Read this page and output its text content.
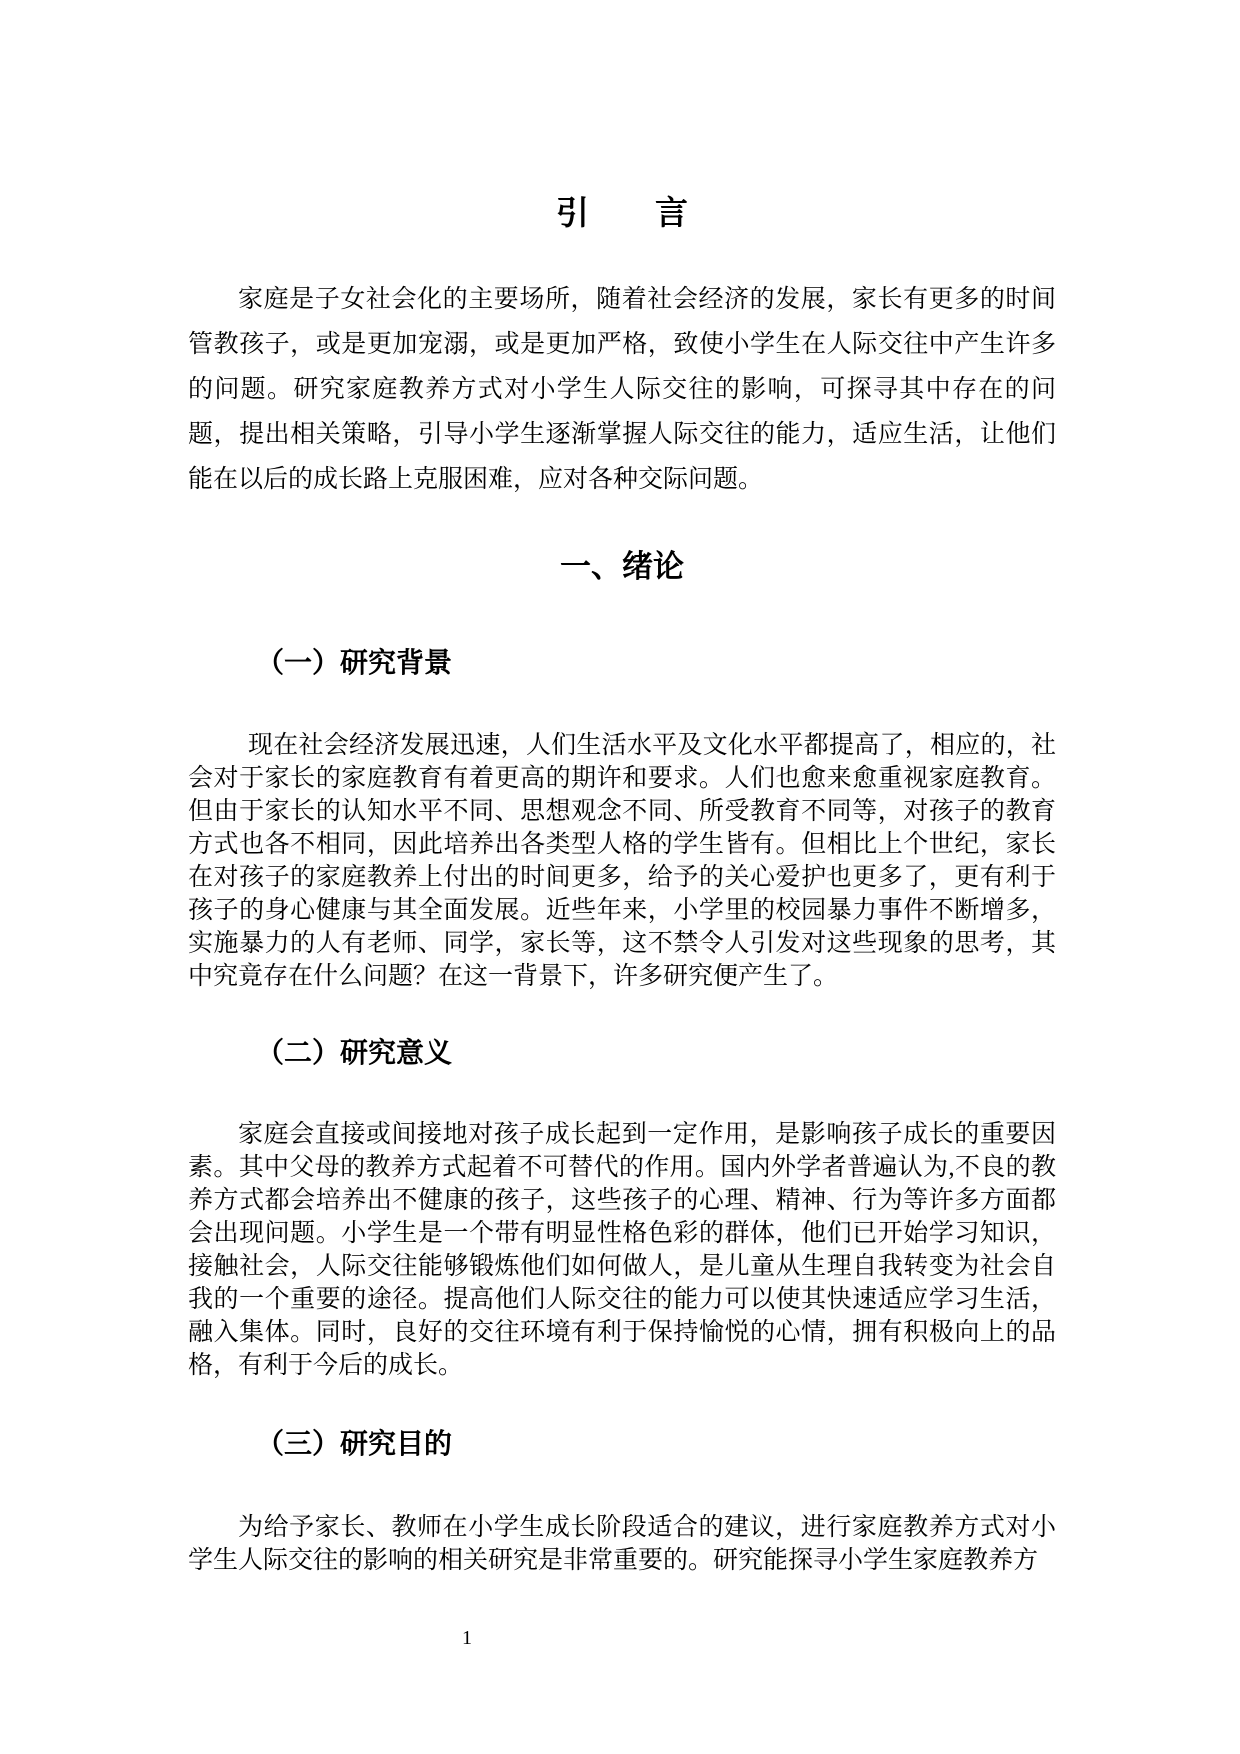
引　　言

家庭是子女社会化的主要场所，随着社会经济的发展，家长有更多的时间管教孩子，或是更加宠溺，或是更加严格，致使小学生在人际交往中产生许多的问题。研究家庭教养方式对小学生人际交往的影响，可探寻其中存在的问题，提出相关策略，引导小学生逐渐掌握人际交往的能力，适应生活，让他们能在以后的成长路上克服困难，应对各种交际问题。

一、绪论
（一）研究背景

现在社会经济发展迅速，人们生活水平及文化水平都提高了，相应的，社会对于家长的家庭教育有着更高的期许和要求。人们也愈来愈重视家庭教育。但由于家长的认知水平不同、思想观念不同、所受教育不同等，对孩子的教育方式也各不相同，因此培养出各类型人格的学生皆有。但相比上个世纪，家长在对孩子的家庭教养上付出的时间更多，给予的关心爱护也更多了，更有利于孩子的身心健康与其全面发展。近些年来，小学里的校园暴力事件不断增多，实施暴力的人有老师、同学，家长等，这不禁令人引发对这些现象的思考，其中究竟存在什么问题？在这一背景下，许多研究便产生了。

（二）研究意义

家庭会直接或间接地对孩子成长起到一定作用，是影响孩子成长的重要因素。其中父母的教养方式起着不可替代的作用。国内外学者普遍认为,不良的教养方式都会培养出不健康的孩子，这些孩子的心理、精神、行为等许多方面都会出现问题。小学生是一个带有明显性格色彩的群体，他们已开始学习知识，接触社会，人际交往能够锻炼他们如何做人，是儿童从生理自我转变为社会自我的一个重要的途径。提高他们人际交往的能力可以使其快速适应学习生活，融入集体。同时，良好的交往环境有利于保持愉悦的心情，拥有积极向上的品格，有利于今后的成长。

（三）研究目的

为给予家长、教师在小学生成长阶段适合的建议，进行家庭教养方式对小学生人际交往的影响的相关研究是非常重要的。研究能探寻小学生家庭教养方

1
